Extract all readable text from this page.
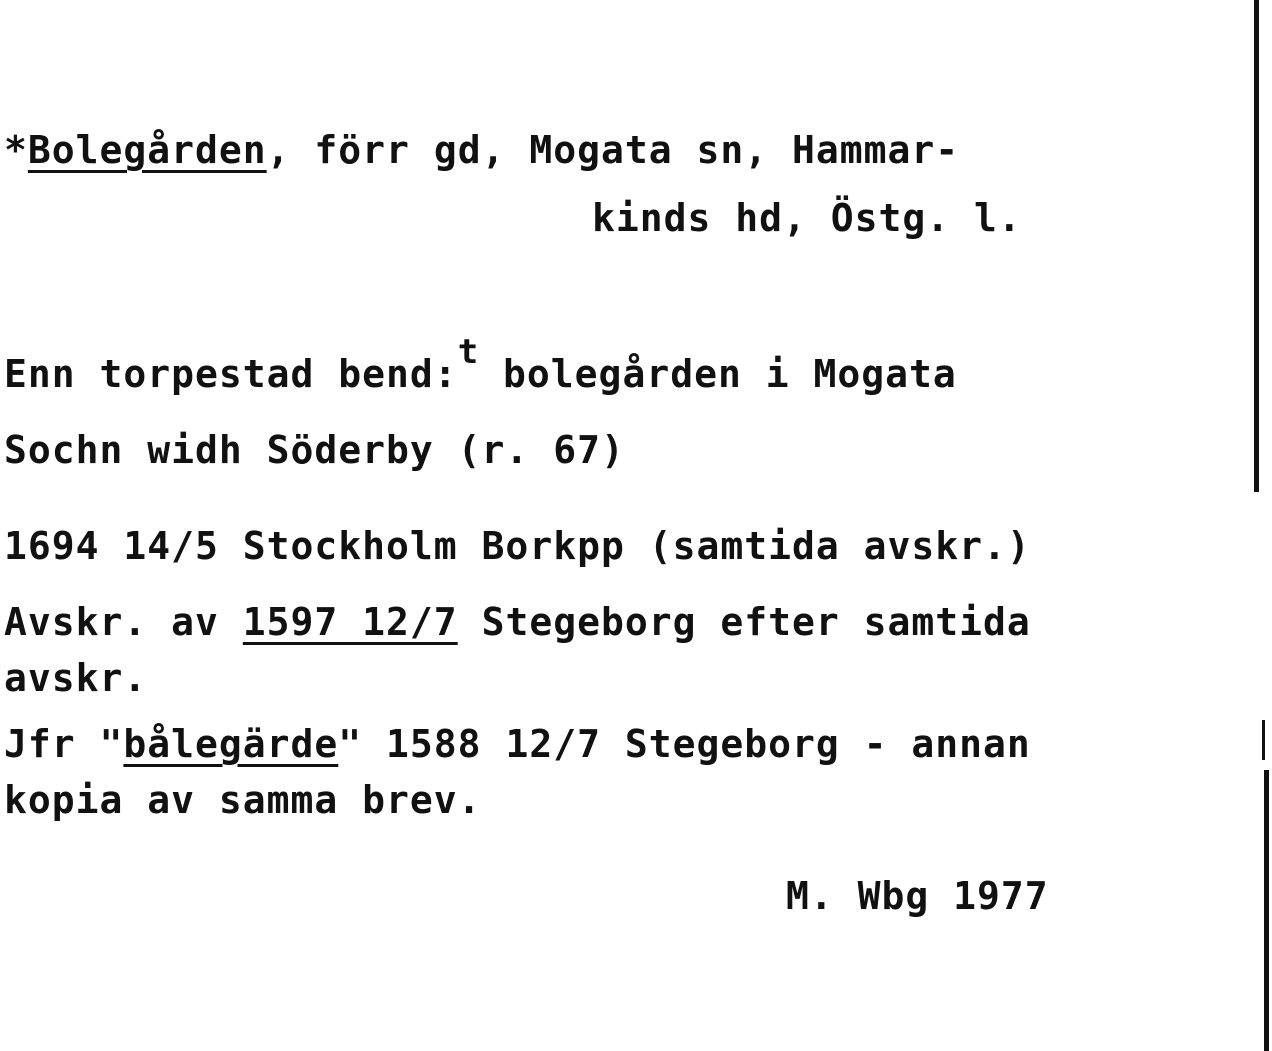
*Bolegården, förr gd, Mogata sn, Hammar-
kinds hd, Östg. l.
Enn torpestad bend:t bolegården i Mogata
Sochn widh Söderby (r. 67)
1694 14/5 Stockholm Borkpp (samtida avskr.)
Avskr. av 1597 12/7 Stegeborg efter samtida
avskr.
Jfr "bålegärde" 1588 12/7 Stegeborg - annan
kopia av samma brev.
M. Wbg 1977
